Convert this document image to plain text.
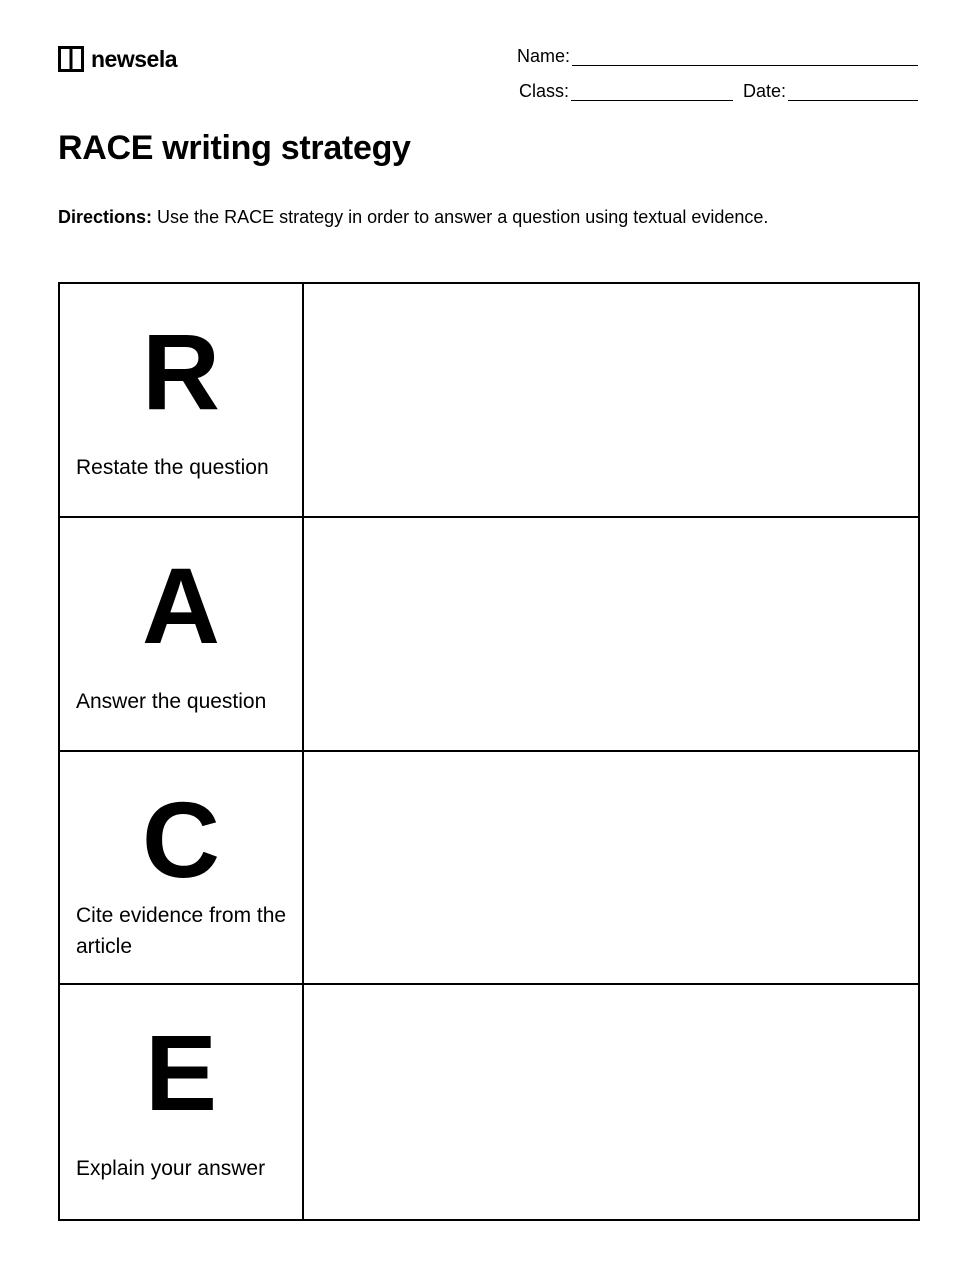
newsela	Name:
Class:	Date:
RACE writing strategy
Directions: Use the RACE strategy in order to answer a question using textual evidence.
R
Restate the question
A
Answer the question
C
Cite evidence from the article
E
Explain your answer
